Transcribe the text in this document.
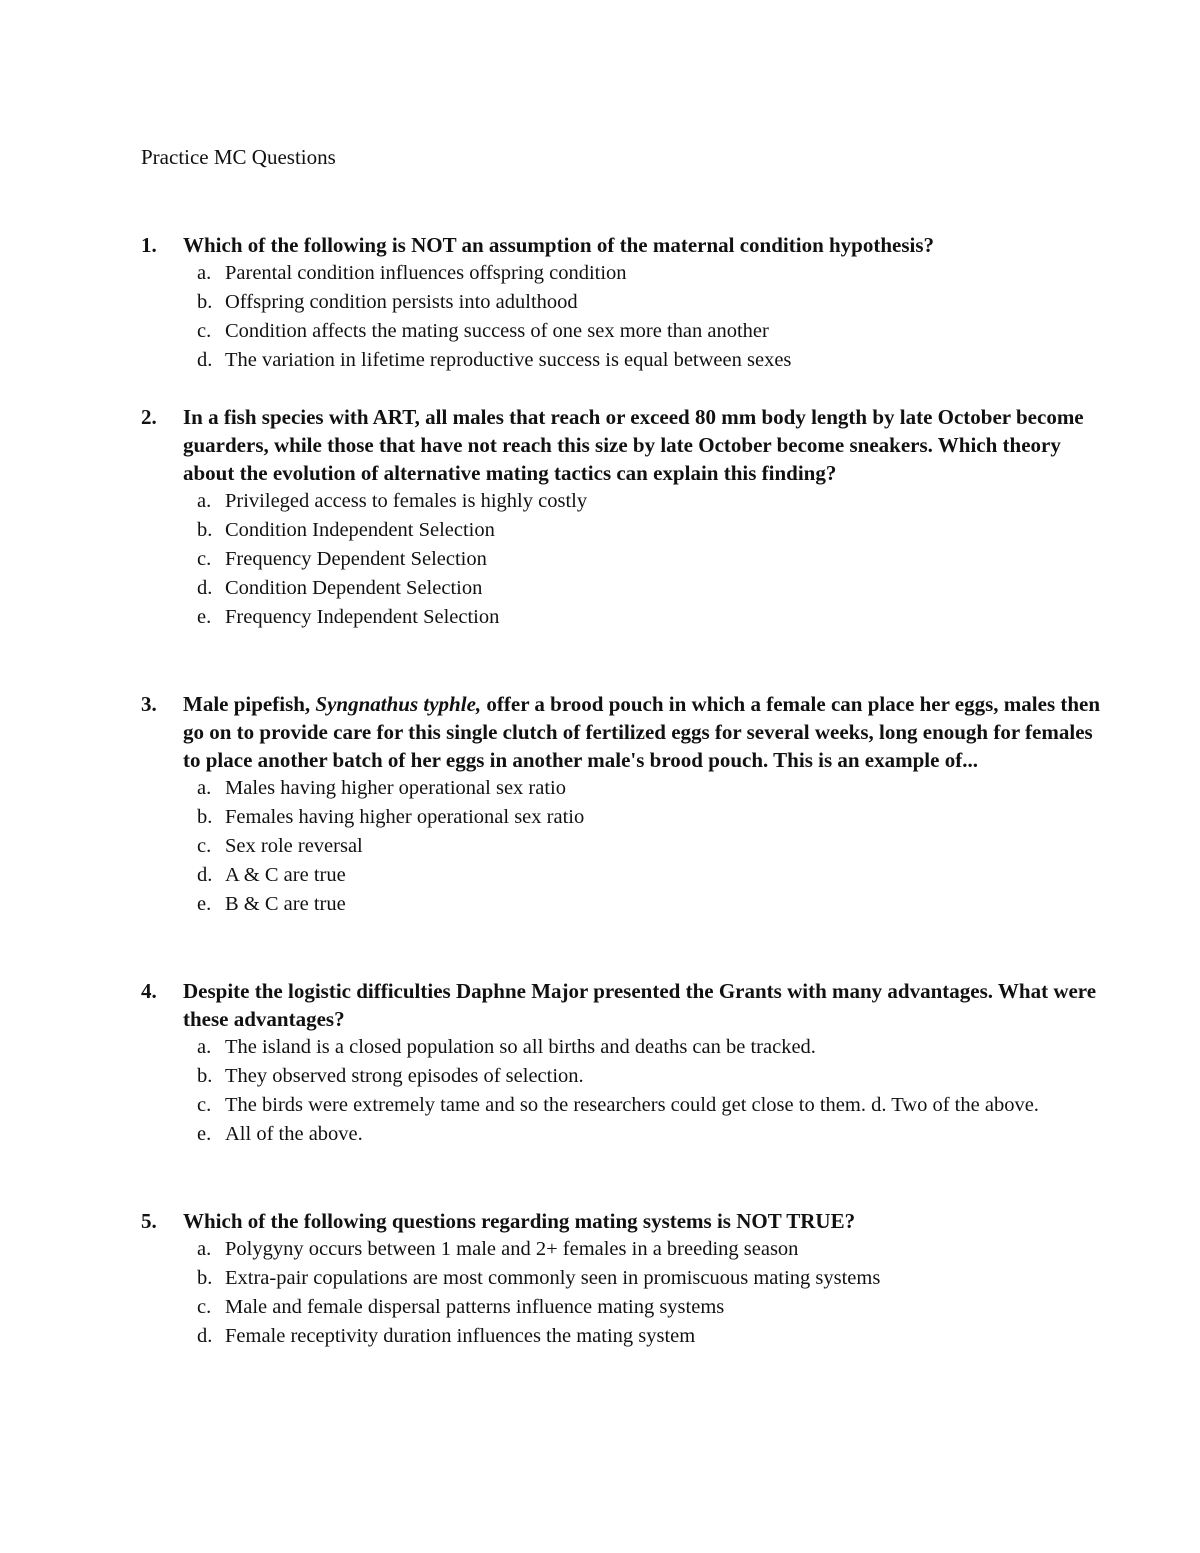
Practice MC Questions
1.	Which of the following is NOT an assumption of the maternal condition hypothesis?
a. Parental condition influences offspring condition
b. Offspring condition persists into adulthood
c. Condition affects the mating success of one sex more than another
d. The variation in lifetime reproductive success is equal between sexes
2.	In a fish species with ART, all males that reach or exceed 80 mm body length by late October become guarders, while those that have not reach this size by late October become sneakers. Which theory about the evolution of alternative mating tactics can explain this finding?
a. Privileged access to females is highly costly
b. Condition Independent Selection
c. Frequency Dependent Selection
d. Condition Dependent Selection
e. Frequency Independent Selection
3.	Male pipefish, Syngnathus typhle, offer a brood pouch in which a female can place her eggs, males then go on to provide care for this single clutch of fertilized eggs for several weeks, long enough for females to place another batch of her eggs in another male's brood pouch. This is an example of...
a. Males having higher operational sex ratio
b. Females having higher operational sex ratio
c. Sex role reversal
d. A & C are true
e. B & C are true
4.	Despite the logistic difficulties Daphne Major presented the Grants with many advantages. What were these advantages?
a. The island is a closed population so all births and deaths can be tracked.
b. They observed strong episodes of selection.
c. The birds were extremely tame and so the researchers could get close to them. d. Two of the above.
e. All of the above.
5.	Which of the following questions regarding mating systems is NOT TRUE?
a. Polygyny occurs between 1 male and 2+ females in a breeding season
b. Extra-pair copulations are most commonly seen in promiscuous mating systems
c. Male and female dispersal patterns influence mating systems
d. Female receptivity duration influences the mating system
